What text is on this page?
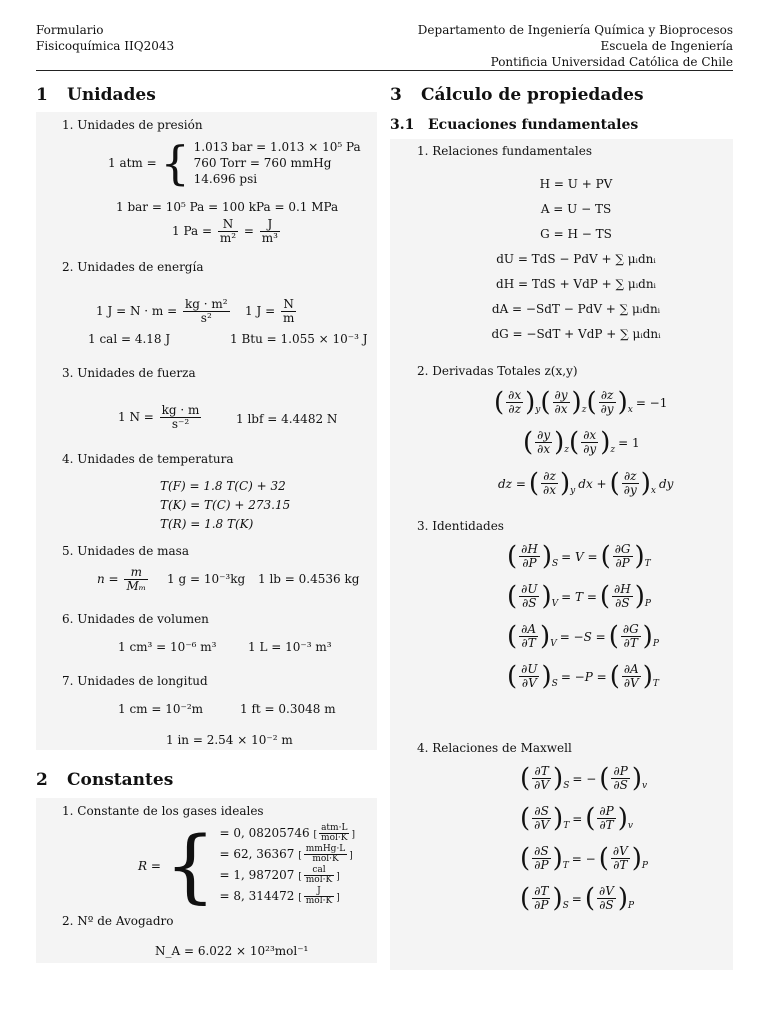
Formulario
Fisicoquímica IIQ2043
Departamento de Ingeniería Química y Bioprocesos
Escuela de Ingeniería
Pontificia Universidad Católica de Chile
1 Unidades
1. Unidades de presión
1 atm = { 1.013 bar = 1.013 × 10⁵ Pa
760 Torr = 760 mmHg
14.696 psi
1 bar = 10⁵ Pa = 100 kPa = 0.1 MPa
1 $Pa = \frac{N}{\text{m²}} = \frac{J}{\text{m³}}$
2. Unidades de energía
1 $J = N \cdot m = \frac{\text{kg · m²}}{\text{s²}} 1$ $J = \frac{N}{m}$
1 cal = 4.18 J	1 Btu = 1.055 × 10⁻³ J
3. Unidades de fuerza
1 $N = \frac{kg \cdot m}{\text{s⁻²}}$	1 lbf = 4.4482 N
4. Unidades de temperatura
T(F) = 1.8 T(C) + 32
T(K) = T(C) + 273.15
T(R) = 1.8 T(K)
5. Unidades de masa
$n = \frac{m}{\text{Mₘ}} 1$ g = 10⁻³kg 1 lb = 0.4536 kg
6. Unidades de volumen
1 cm³ = 10⁻⁶ m³	1 L = 10⁻³ m³
7. Unidades de longitud
1 cm = 10⁻²m	1 ft = 0.3048 m
1 in = 2.54 × 10⁻² m
2 Constantes
1. Constante de los gases ideales
R = { = 0, 08205746 [ $\frac{\text{atm·L}}{\text{mol·K}}$ ]
= 62, 36367 [ $\frac{\text{mmHg·L}}{\text{mol·K}}$ ]
= 1, 987207 [ $\frac{\text{cal}}{\text{mol·K}}$ ]
= 8, 314472 [ $\frac{J}{\text{mol·K}}$ ]
2. Nº de Avogadro
N_A = 6.022 × 10²³mol⁻¹
3 Cálculo de propiedades
3.1 Ecuaciones fundamentales
1. Relaciones fundamentales
H = U + PV
A = U − TS
G = H − TS
dU = TdS − PdV + ∑ μᵢdnᵢ
dH = TdS + VdP + ∑ μᵢdnᵢ
dA = −SdT − PdV + ∑ μᵢdnᵢ
dG = −SdT + VdP + ∑ μᵢdnᵢ
2. Derivadas Totales z(x,y)
( $\frac{\partial x}{\partial z} )_y( \frac{\partial y}{\partial x} )_z( \frac{\partial z}{\partial y} )_x= -1$
( $\frac{\partial y}{\partial x} )_z( \frac{\partial x}{\partial y} )_z= 1$
dz = ( $\frac{\partial z}{\partial x} )_ydx$ + ( $\frac{\partial z}{\partial y} )_xdy$
3. Identidades
( $\frac{\partial H}{\partial P} )_S= V$ = ( $\frac{\partial G}{\partial P} )_T$
( $\frac{\partial U}{\partial S} )_V= T$ = ( $\frac{\partial H}{\partial S} )_P$
( $\frac{\partial A}{\partial T} )_V= -S$ = ( $\frac{\partial G}{\partial T} )_P$
( $\frac{\partial U}{\partial V} )_S= -P$ = ( $\frac{\partial A}{\partial V} )_T$
4. Relaciones de Maxwell
( $\frac{\partial T}{\partial V} )_S=$ − ( $\frac{\partial P}{\partial S} )_v$
( $\frac{\partial S}{\partial V} )_T=$ ( $\frac{\partial P}{\partial T} )_v$
( $\frac{\partial S}{\partial P} )_T=$ − ( $\frac{\partial V}{\partial T} )_P$
( $\frac{\partial T}{\partial P} )_S=$ ( $\frac{\partial V}{\partial S} )_P$
